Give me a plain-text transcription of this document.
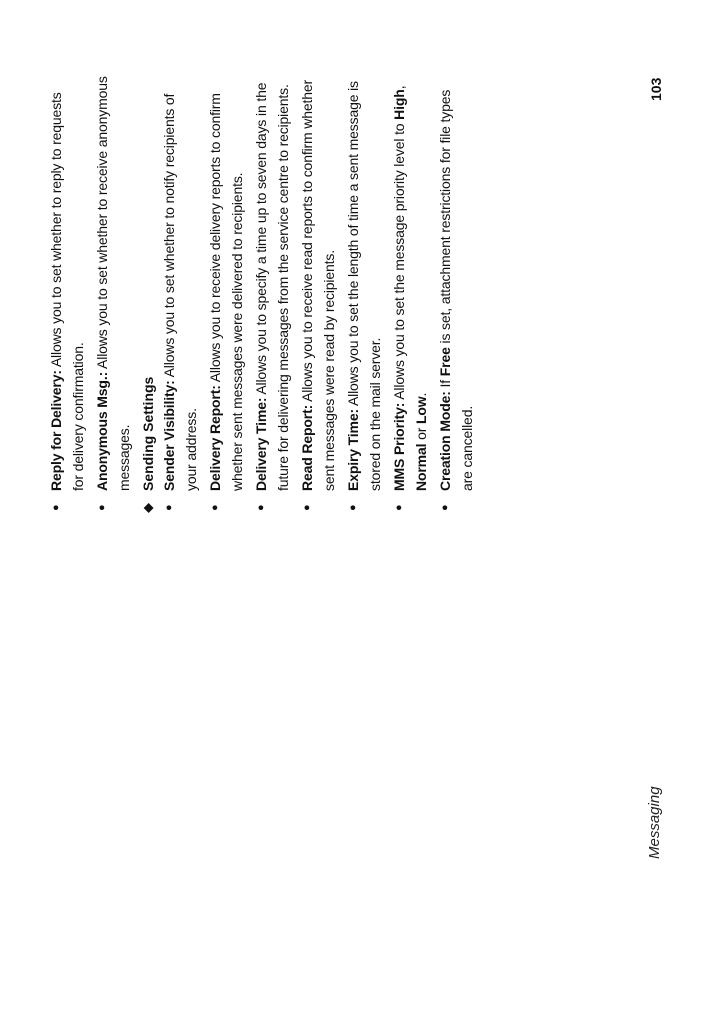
●
Reply for Delivery: Allows you to set whether to reply to requests for delivery confirmation.
●
Anonymous Msg.: Allows you to set whether to receive anonymous messages.
◆
Sending Settings
●
Sender Visibility: Allows you to set whether to notify recipients of your address.
●
Delivery Report: Allows you to receive delivery reports to confirm whether sent messages were delivered to recipients.
●
Delivery Time: Allows you to specify a time up to seven days in the future for delivering messages from the service centre to recipients.
●
Read Report: Allows you to receive read reports to confirm whether sent messages were read by recipients.
●
Expiry Time: Allows you to set the length of time a sent message is stored on the mail server.
●
MMS Priority: Allows you to set the message priority level to High, Normal or Low.
●
Creation Mode: If Free is set, attachment restrictions for file types are cancelled.
Messaging
103
